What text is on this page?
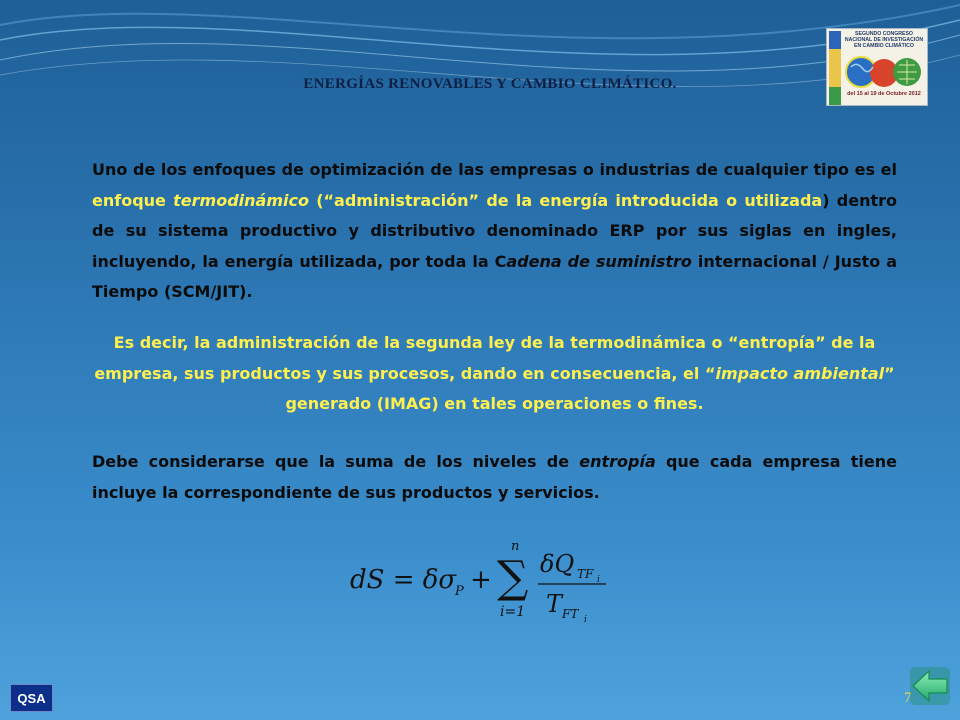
ENERGÍAS RENOVABLES Y CAMBIO CLIMÁTICO.
SEGUNDO CONGRESO NACIONAL DE INVESTIGACIÓN EN CAMBIO CLIMÁTICO
del 15 al 19 de Octubre 2012
Uno de los enfoques de optimización de las empresas o industrias de cualquier tipo es el enfoque termodinámico (“administración” de la energía introducida o utilizada) dentro de su sistema productivo y distributivo denominado ERP por sus siglas en ingles, incluyendo, la energía utilizada, por toda la Cadena de suministro internacional / Justo a Tiempo (SCM/JIT).
Es decir, la administración de la segunda ley de la termodinámica o “entropía” de la empresa, sus productos y sus procesos, dando en consecuencia, el “impacto ambiental” generado (IMAG) en tales operaciones o fines.
Debe considerarse que la suma de los niveles de entropía que cada empresa tiene incluye la correspondiente de sus productos y servicios.
dS = δσ
P + ∑
n
i=1
δQ TF i
T FT i
QSA	7
